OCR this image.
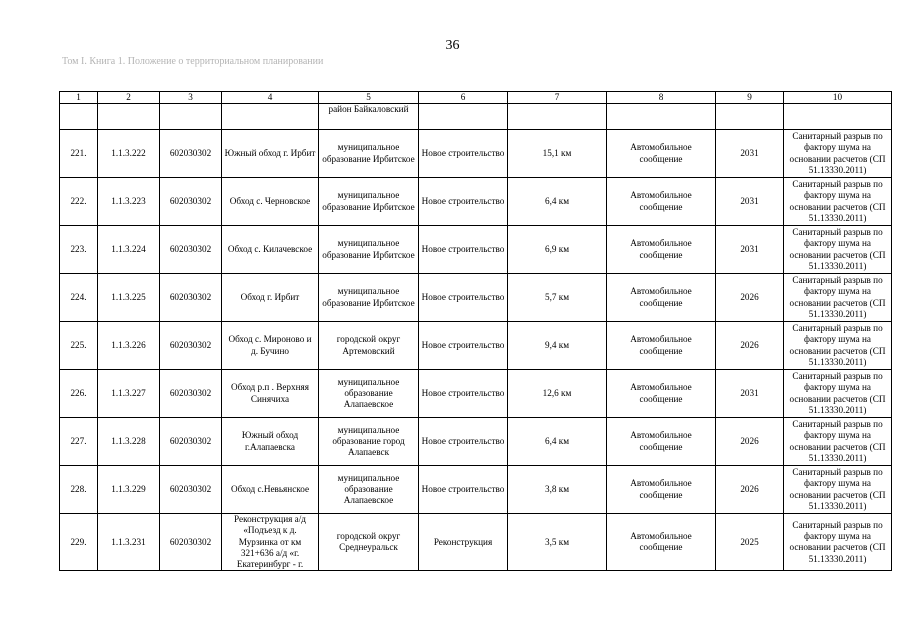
36
Том I. Книга 1. Положение о территориальном планировании
1	2	3	4	5	6	7	8	9	10
				район Байкаловский					
221.	1.1.3.222	602030302	Южный обход г. Ирбит	муниципальное образование Ирбитское	Новое строительство	15,1 км	Автомобильное сообщение	2031	Санитарный разрыв по фактору шума на основании расчетов (СП 51.13330.2011)
222.	1.1.3.223	602030302	Обход с. Черновское	муниципальное образование Ирбитское	Новое строительство	6,4 км	Автомобильное сообщение	2031	Санитарный разрыв по фактору шума на основании расчетов (СП 51.13330.2011)
223.	1.1.3.224	602030302	Обход с. Килачевское	муниципальное образование Ирбитское	Новое строительство	6,9 км	Автомобильное сообщение	2031	Санитарный разрыв по фактору шума на основании расчетов (СП 51.13330.2011)
224.	1.1.3.225	602030302	Обход г. Ирбит	муниципальное образование Ирбитское	Новое строительство	5,7 км	Автомобильное сообщение	2026	Санитарный разрыв по фактору шума на основании расчетов (СП 51.13330.2011)
225.	1.1.3.226	602030302	Обход с. Мироново и д. Бучино	городской округ Артемовский	Новое строительство	9,4 км	Автомобильное сообщение	2026	Санитарный разрыв по фактору шума на основании расчетов (СП 51.13330.2011)
226.	1.1.3.227	602030302	Обход р.п . Верхняя Синячиха	муниципальное образование Алапаевское	Новое строительство	12,6 км	Автомобильное сообщение	2031	Санитарный разрыв по фактору шума на основании расчетов (СП 51.13330.2011)
227.	1.1.3.228	602030302	Южный обход г.Алапаевска	муниципальное образование город Алапаевск	Новое строительство	6,4 км	Автомобильное сообщение	2026	Санитарный разрыв по фактору шума на основании расчетов (СП 51.13330.2011)
228.	1.1.3.229	602030302	Обход с.Невьянское	муниципальное образование Алапаевское	Новое строительство	3,8 км	Автомобильное сообщение	2026	Санитарный разрыв по фактору шума на основании расчетов (СП 51.13330.2011)
229.	1.1.3.231	602030302	Реконструкция а/д «Подъезд к д. Мурзинка от км 321+636 а/д «г. Екатеринбург - г.	городской округ Среднеуральск	Реконструкция	3,5 км	Автомобильное сообщение	2025	Санитарный разрыв по фактору шума на основании расчетов (СП 51.13330.2011)
